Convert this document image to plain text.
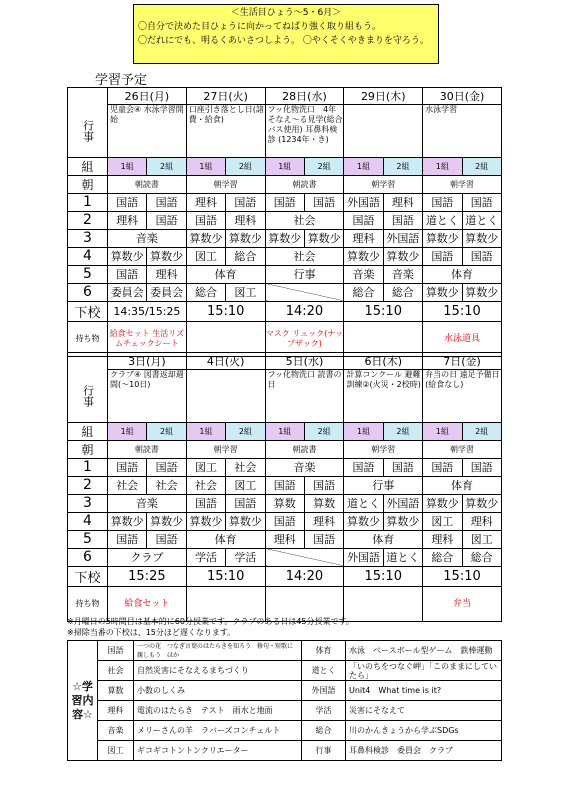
＜生活目ひょう～5・6月＞
〇自分で決めた目ひょうに向かってねばり強く取り組もう。
〇だれにでも、明るくあいさつしよう。 〇やくそくやきまりを守ろう。
学習予定
	26日(月)		27日(火)		28日(水)		29日(木)		30日(金)	
行事	児童会④ 水泳学習開始		口座引き落とし日(諸費・給食)		フッ化物洗口　4年そなえ～る見学(総合バス使用) 耳鼻科検診 (1234年・き)				水泳学習	
組	1組	2組	1組	2組	1組	2組	1組	2組	1組	2組
朝	朝読書		朝学習		朝読書		朝学習		朝学習	
1	国語	国語	理科	国語	国語	国語	外国語	理科	国語	国語
2	理科	国語	国語	理科	社会		国語	国語	道とく	道とく
3	音楽		算数少	算数少	算数少	算数少	理科	外国語	算数少	算数少
4	算数少	算数少	図工	総合	社会		算数少	算数少	国語	国語
5	国語	理科	体育		行事		音楽	音楽	体育	
6	委員会	委員会	総合	図工			総合	総合	算数少	算数少
下校	14:35/15:25		15:10		14:20		15:10		15:10	
持ち物	給食セット 生活リズムチェックシート				マスク リュック(ナップザック)				水泳道具	
	3日(月)		4日(火)		5日(水)		6日(木)		7日(金)	
行事	クラブ④ 図書返却週間(～10日)				フッ化物洗口 読書の日		計算コンクール 避難訓練②(火災・2校時)		弁当の日 遠足予備日(給食なし)	
組	1組	2組	1組	2組	1組	2組	1組	2組	1組	2組
朝	朝読書		朝学習		朝読書		朝学習		朝学習	
1	国語	国語	図工	社会	音楽		国語	国語	国語	国語
2	社会	社会	社会	図工	国語	国語	行事		体育	
3	音楽		国語	国語	算数	算数	道とく	外国語	算数少	算数少
4	算数少	算数少	算数少	算数少	国語	理科	算数少	算数少	図工	理科
5	国語	国語	体育		理科	国語	体育		理科	図工
6	クラブ		学活	学活			外国語	道とく	総合	総合
下校	15:25		15:10		14:20		15:10		15:10	
持ち物	給食セット								弁当	
※月曜日の5時間目は基本的に60分授業です。クラブのある日は45分授業です。
※掃除当番の下校は、15分ほど遅くなります。
☆学習内容☆	国語	一つの花　つなぎ言葉のはたらきを知ろう　修句・短歌に親しもう　ほか	体育	水泳　ベースボール型ゲーム　鉄棒運動
	社会	自然災害にそなえるまちづくり	道とく	「いのちをつなぐ岬」「このままにしていたら」
	算数	小数のしくみ	外国語	Unit4　What time is it?
	理科	電流のはたらき　テスト　雨水と地面	学活	災害にそなえて
	音楽	メリーさんの羊　ラバーズコンチェルト	総合	川のかんきょうから学ぶSDGs
	図工	ギコギコトントンクリエーター	行事	耳鼻科検診　委員会　クラブ
